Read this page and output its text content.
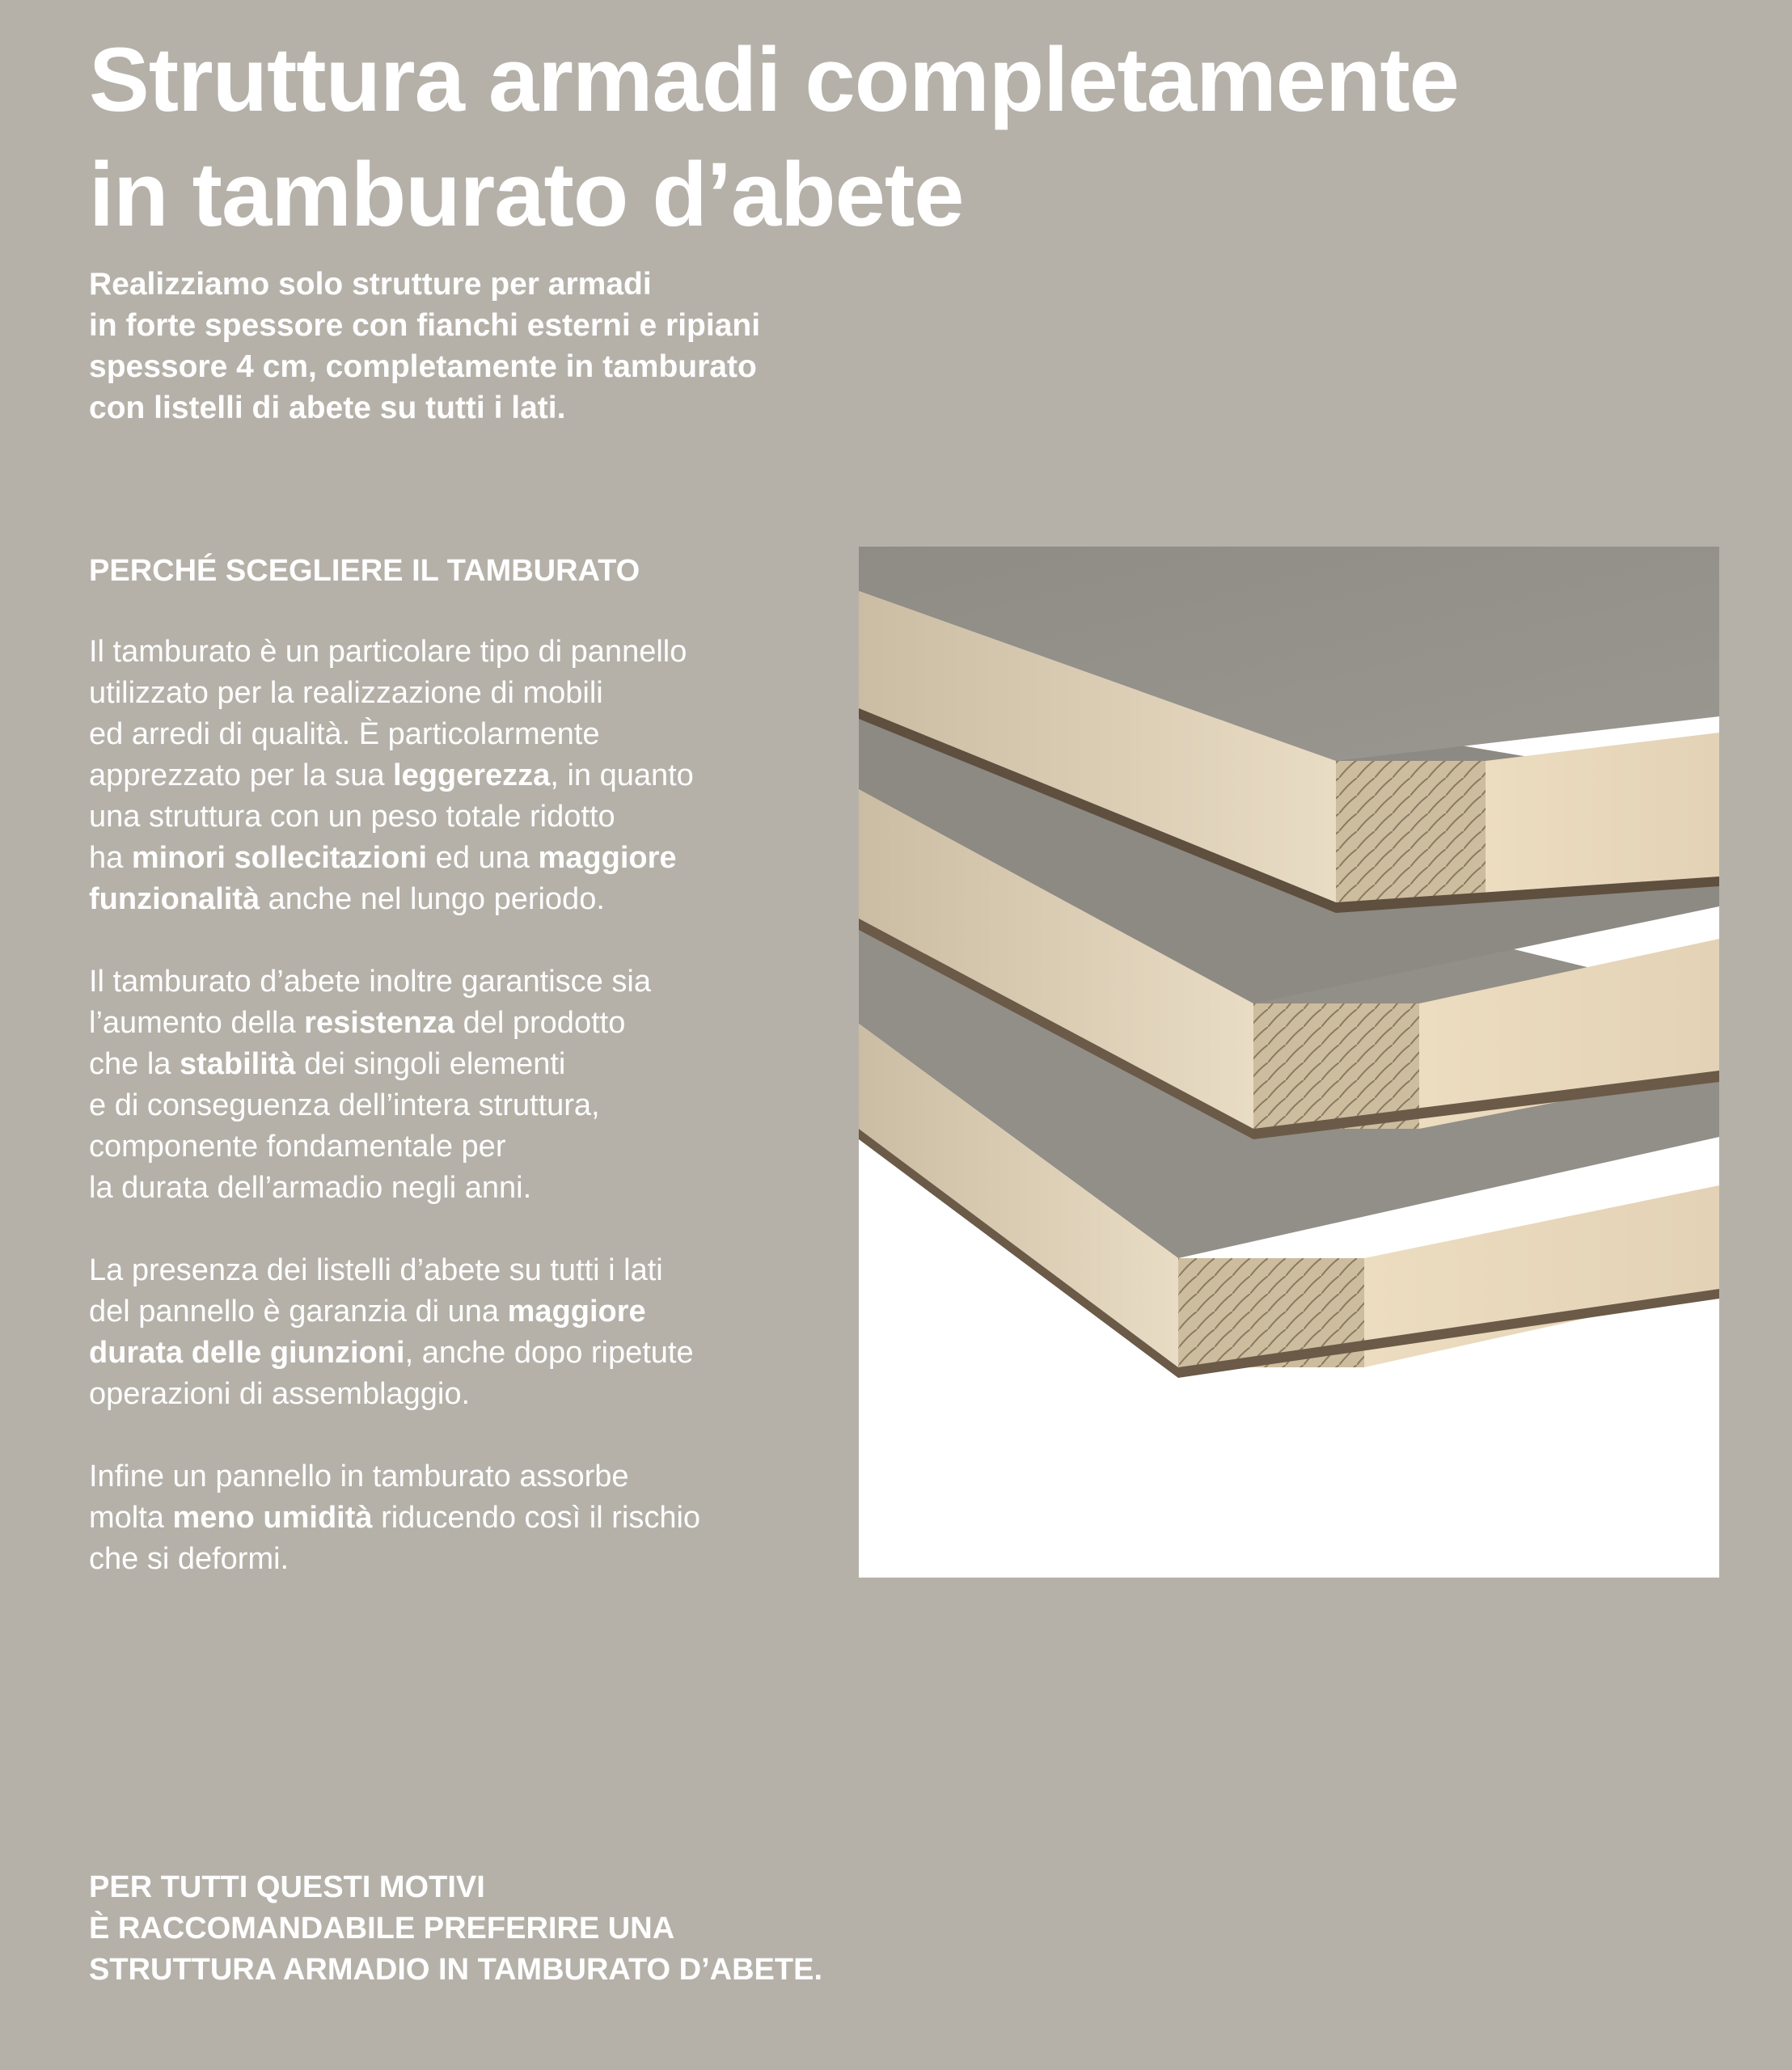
Struttura armadi completamente
in tamburato d’abete

Realizziamo solo strutture per armadi
in forte spessore con fianchi esterni e ripiani
spessore 4 cm, completamente in tamburato
con listelli di abete su tutti i lati.

PERCHÉ SCEGLIERE IL TAMBURATO

Il tamburato è un particolare tipo di pannello
utilizzato per la realizzazione di mobili
ed arredi di qualità. È particolarmente
apprezzato per la sua leggerezza, in quanto
una struttura con un peso totale ridotto
ha minori sollecitazioni ed una maggiore
funzionalità anche nel lungo periodo.

Il tamburato d’abete inoltre garantisce sia
l’aumento della resistenza del prodotto
che la stabilità dei singoli elementi
e di conseguenza dell’intera struttura,
componente fondamentale per
la durata dell’armadio negli anni.

La presenza dei listelli d’abete su tutti i lati
del pannello è garanzia di una maggiore
durata delle giunzioni, anche dopo ripetute
operazioni di assemblaggio.

Infine un pannello in tamburato assorbe
molta meno umidità riducendo così il rischio
che si deformi.

PER TUTTI QUESTI MOTIVI
È RACCOMANDABILE PREFERIRE UNA
STRUTTURA ARMADIO IN TAMBURATO D’ABETE.
